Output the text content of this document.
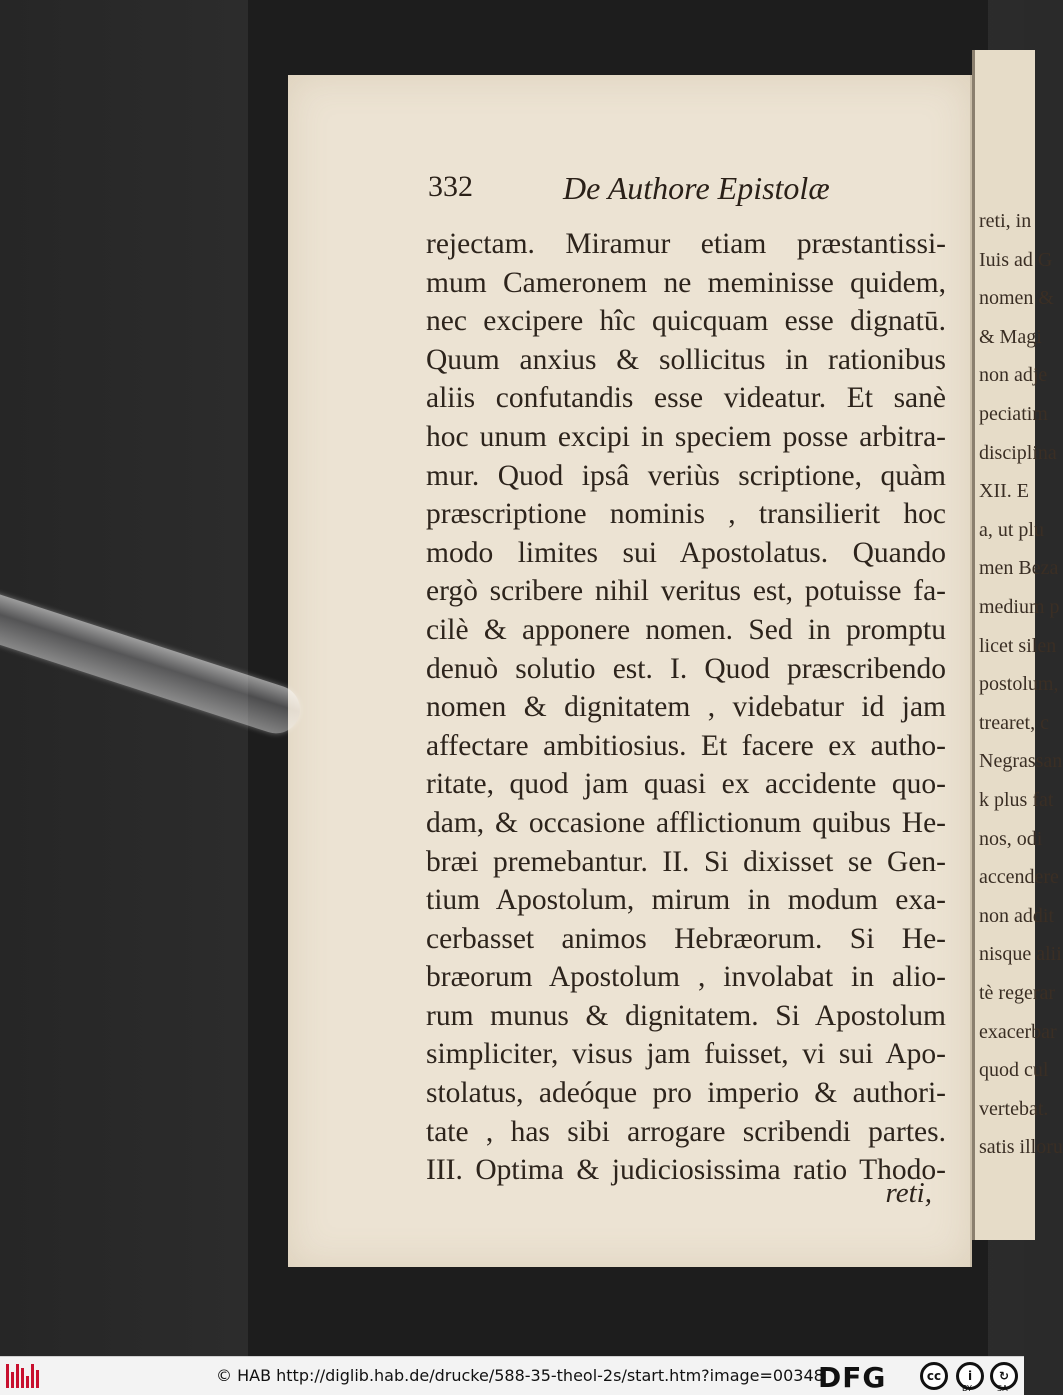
reti, in
Iuis ad G
nomen &
& Magi
non adje
peciatim
disciplina
XII. E
a, ut plu
men Beza
medium p
licet silen
postolum,
trearet, c
Negrassan
k plus fat
nos, odi
accendere
non addit
nisque alii
tè regerar
exacerbar
quod cul
vertebat.
satis illoru
332	De Authore Epistolæ
rejectam. Miramur etiam præstantissi-
mum Cameronem ne meminisse quidem,
nec excipere hîc quicquam esse dignatū.
Quum anxius & sollicitus in rationibus
aliis confutandis esse videatur. Et sanè
hoc unum excipi in speciem posse arbitra-
mur. Quod ipsâ veriùs scriptione, quàm
præscriptione nominis , transilierit hoc
modo limites sui Apostolatus. Quando
ergò scribere nihil veritus est, potuisse fa-
cilè & apponere nomen. Sed in promptu
denuò solutio est. I. Quod præscribendo
nomen & dignitatem , videbatur id jam
affectare ambitiosius. Et facere ex autho-
ritate, quod jam quasi ex accidente quo-
dam, & occasione afflictionum quibus He-
bræi premebantur. II. Si dixisset se Gen-
tium Apostolum, mirum in modum exa-
cerbasset animos Hebræorum. Si He-
bræorum Apostolum , involabat in alio-
rum munus & dignitatem. Si Apostolum
simpliciter, visus jam fuisset, vi sui Apo-
stolatus, adeóque pro imperio & authori-
tate , has sibi arrogare scribendi partes.
III. Optima & judiciosissima ratio Thodo-
reti,
© HAB http://diglib.hab.de/drucke/588-35-theol-2s/start.htm?image=00348
DFG	cc	i
BY
↻
SA
